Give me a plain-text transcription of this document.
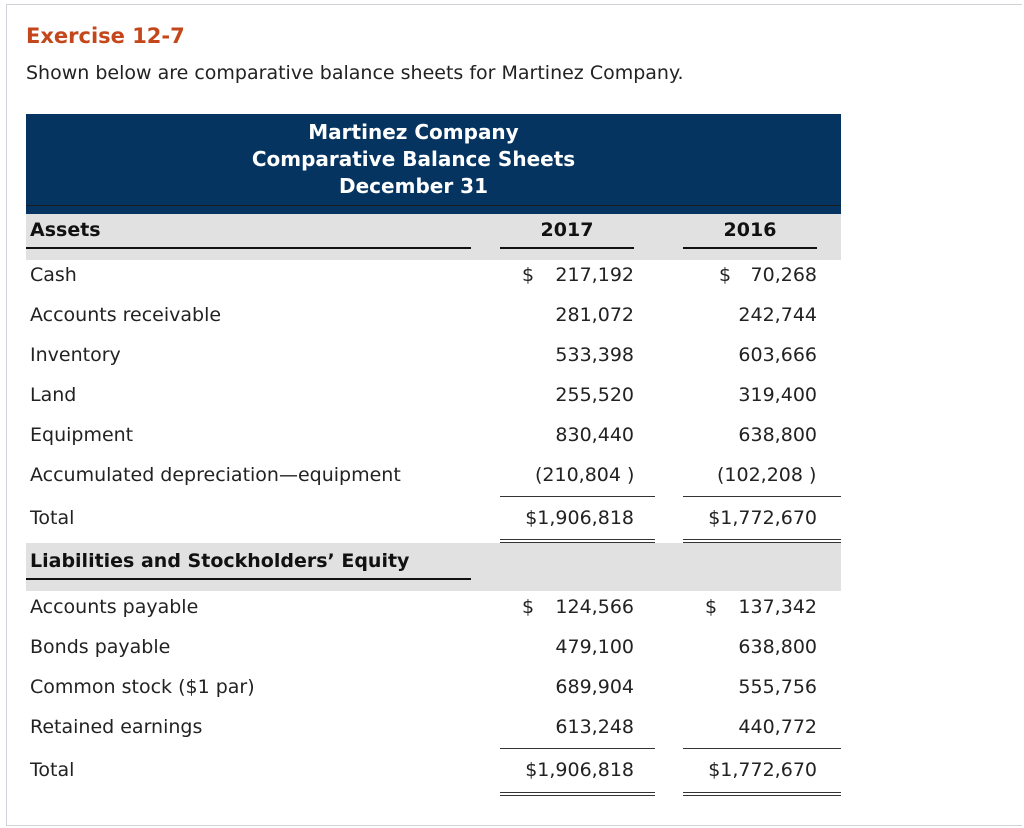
Exercise 12-7
Shown below are comparative balance sheets for Martinez Company.
Martinez Company
Comparative Balance Sheets
December 31
Assets	2017	2016
Cash	$ 217,192	$ 70,268
Accounts receivable	281,072	242,744
Inventory	533,398	603,666
Land	255,520	319,400
Equipment	830,440	638,800
Accumulated depreciation—equipment	(210,804 )	(102,208 )
Total	$1,906,818	$1,772,670
Liabilities and Stockholders’ Equity
Accounts payable	$ 124,566	$ 137,342
Bonds payable	479,100	638,800
Common stock ($1 par)	689,904	555,756
Retained earnings	613,248	440,772
Total	$1,906,818	$1,772,670
